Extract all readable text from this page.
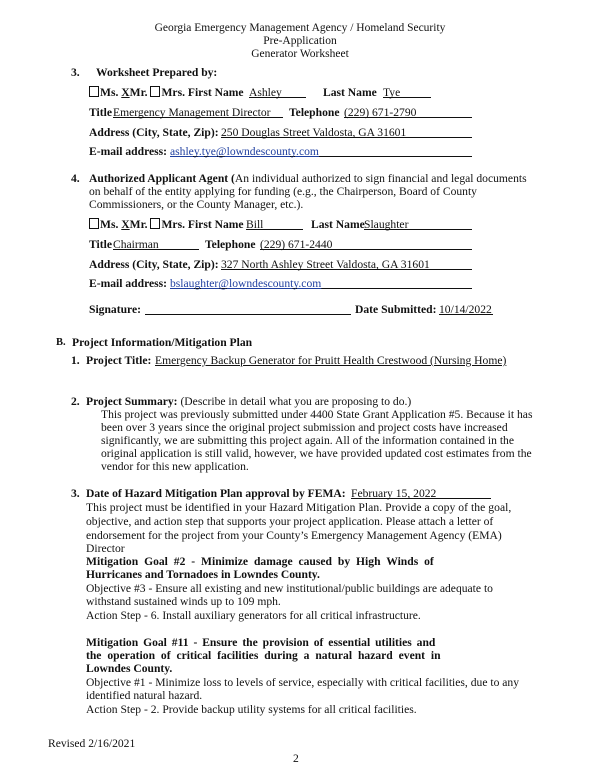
Georgia Emergency Management Agency / Homeland Security
Pre-Application
Generator Worksheet
3. Worksheet Prepared by:
Ms. XMr. Mrs. First Name Ashley	Last Name Tye
Title Emergency Management Director Telephone (229) 671-2790
Address (City, State, Zip): 250 Douglas Street Valdosta, GA 31601
E-mail address: ashley.tye@lowndescounty.com
4. Authorized Applicant Agent (An individual authorized to sign financial and legal documents
on behalf of the entity applying for funding (e.g., the Chairperson, Board of County
Commissioners, or the County Manager, etc.).
Ms. XMr. Mrs. First Name Bill	Last Name Slaughter
Title Chairman	Telephone (229) 671-2440
Address (City, State, Zip): 327 North Ashley Street Valdosta, GA 31601
E-mail address: bslaughter@lowndescounty.com
Signature:	Date Submitted: 10/14/2022
B. Project Information/Mitigation Plan
1. Project Title: Emergency Backup Generator for Pruitt Health Crestwood (Nursing Home)
2. Project Summary: (Describe in detail what you are proposing to do.)
This project was previously submitted under 4400 State Grant Application #5. Because it has
been over 3 years since the original project submission and project costs have increased
significantly, we are submitting this project again. All of the information contained in the
original application is still valid, however, we have provided updated cost estimates from the
vendor for this new application.
3. Date of Hazard Mitigation Plan approval by FEMA: February 15, 2022
This project must be identified in your Hazard Mitigation Plan. Provide a copy of the goal,
objective, and action step that supports your project application. Please attach a letter of
endorsement for the project from your County’s Emergency Management Agency (EMA)
Director
Mitigation Goal #2 - Minimize damage caused by High Winds of
Hurricanes and Tornadoes in Lowndes County.
Objective #3 - Ensure all existing and new institutional/public buildings are adequate to
withstand sustained winds up to 109 mph.
Action Step - 6. Install auxiliary generators for all critical infrastructure.
Mitigation Goal #11 - Ensure the provision of essential utilities and
the operation of critical facilities during a natural hazard event in
Lowndes County.
Objective #1 - Minimize loss to levels of service, especially with critical facilities, due to any
identified natural hazard.
Action Step - 2. Provide backup utility systems for all critical facilities.
Revised 2/16/2021
2
